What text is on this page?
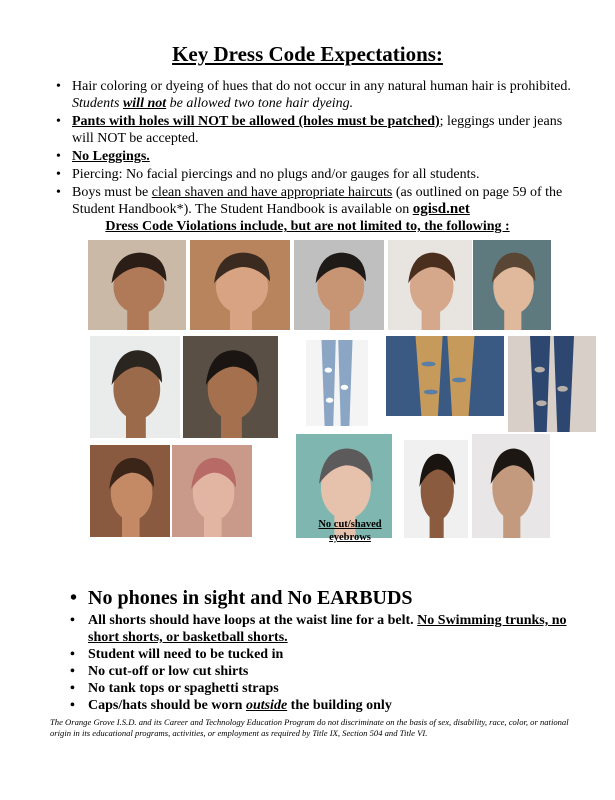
Key Dress Code Expectations:
• Hair coloring or dyeing of hues that do not occur in any natural human hair is prohibited. Students will not be allowed two tone hair dyeing.
• Pants with holes will NOT be allowed (holes must be patched); leggings under jeans will NOT be accepted.
• No Leggings.
• Piercing: No facial piercings and no plugs and/or gauges for all students.
• Boys must be clean shaven and have appropriate haircuts (as outlined on page 59 of the Student Handbook*). The Student Handbook is available on ogisd.net
Dress Code Violations include, but are not limited to, the following :
No cut/shaved eyebrows
• No phones in sight and No EARBUDS
• All shorts should have loops at the waist line for a belt. No Swimming trunks, no short shorts, or basketball shorts.
• Student will need to be tucked in
• No cut-off or low cut shirts
• No tank tops or spaghetti straps
• Caps/hats should be worn outside the building only
The Orange Grove I.S.D. and its Career and Technology Education Program do not discriminate on the basis of sex, disability, race, color, or national origin in its educational programs, activities, or employment as required by Title IX, Section 504 and Title VI.
